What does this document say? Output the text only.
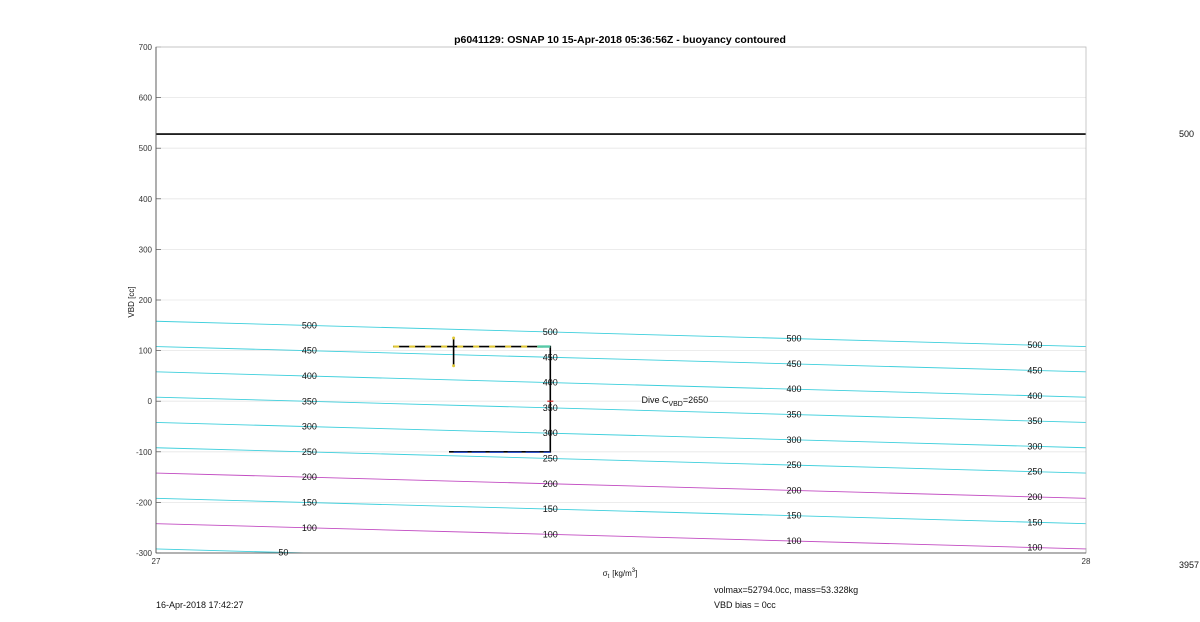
700
600
500
400
300
200
100
0
-100
-200
-300
27	28
500
500
500
500
450
450
450
450
400
400
400
400
350
350
350
350
300
300
300
300
250
250
250
250
200
200
200
200
150
150
150
150
100
100
100
100
50
p6041129: OSNAP 10 15-Apr-2018 05:36:56Z - buoyancy contoured
VBD [cc]
$\sigma_t$ $[kg/m^3]$
Dive $C_{VBD}=2650$
500
3957
16-Apr-2018 17:42:27
volmax=52794.0cc, mass=53.328kg
VBD bias = 0cc
